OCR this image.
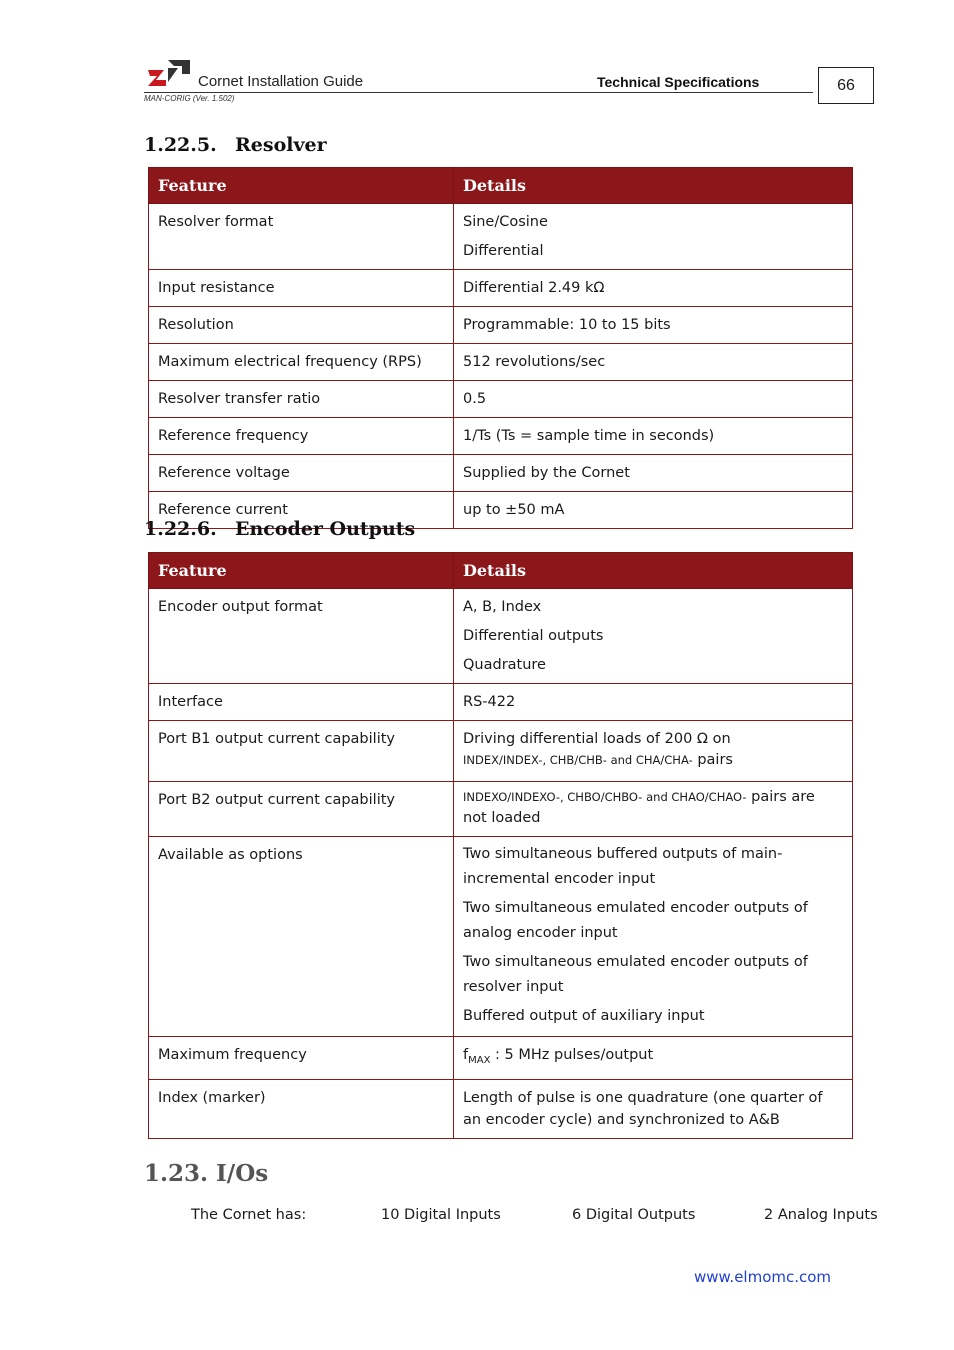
Cornet Installation Guide	Technical Specifications
MAN-CORIG (Ver. 1.502)
66
1.22.5. Resolver
Feature	Details
Resolver format	Sine/Cosine

Differential

Input resistance	Differential 2.49 kΩ
Resolution	Programmable: 10 to 15 bits
Maximum electrical frequency (RPS)	512 revolutions/sec
Resolver transfer ratio	0.5
Reference frequency	1/Ts (Ts = sample time in seconds)
Reference voltage	Supplied by the Cornet
Reference current	up to ±50 mA
1.22.6. Encoder Outputs
Feature	Details
Encoder output format	A, B, Index

Differential outputs

Quadrature

Interface	RS-422
Port B1 output current capability	Driving differential loads of 200 Ω on
INDEX/INDEX-, CHB/CHB- and CHA/CHA- pairs

Port B2 output current capability	INDEXO/INDEXO-, CHBO/CHBO- and CHAO/CHAO- pairs are not loaded
Available as options	Two simultaneous buffered outputs of main-incremental encoder input

Two simultaneous emulated encoder outputs of analog encoder input

Two simultaneous emulated encoder outputs of resolver input

Buffered output of auxiliary input

Maximum frequency	$f_{MAX}$ : 5 MHz pulses/output
Index (marker)	Length of pulse is one quadrature (one quarter of an encoder cycle) and synchronized to A&B
1.23. I/Os
The Cornet has:	10 Digital Inputs	6 Digital Outputs	2 Analog Inputs
www.elmomc.com
